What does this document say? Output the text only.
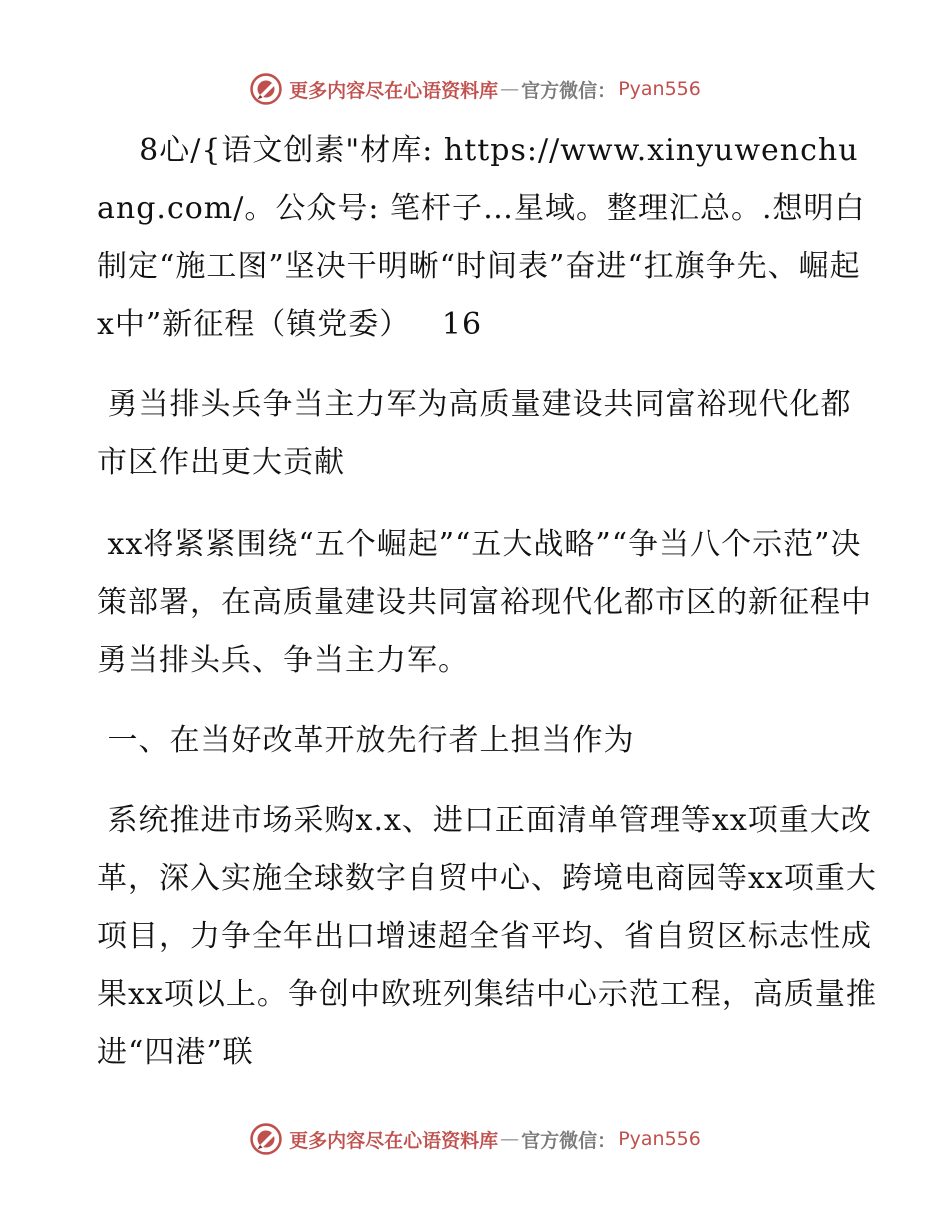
更多内容尽在心语资料库 — 官方微信： Pyan556

8心/{语文创素"材库: https://www.xinyuwenchuang.com/。公众号: 笔杆子…星域。整理汇总。.想明白制定“施工图”坚决干明晰“时间表”奋进“扛旗争先、崛起x中”新征程（镇党委）   16

勇当排头兵争当主力军为高质量建设共同富裕现代化都市区作出更大贡献

xx将紧紧围绕“五个崛起”“五大战略”“争当八个示范”决策部署，在高质量建设共同富裕现代化都市区的新征程中勇当排头兵、争当主力军。

一、在当好改革开放先行者上担当作为

系统推进市场采购x.x、进口正面清单管理等xx项重大改革，深入实施全球数字自贸中心、跨境电商园等xx项重大项目，力争全年出口增速超全省平均、省自贸区标志性成果xx项以上。争创中欧班列集结中心示范工程，高质量推进“四港”联

更多内容尽在心语资料库 — 官方微信： Pyan556
